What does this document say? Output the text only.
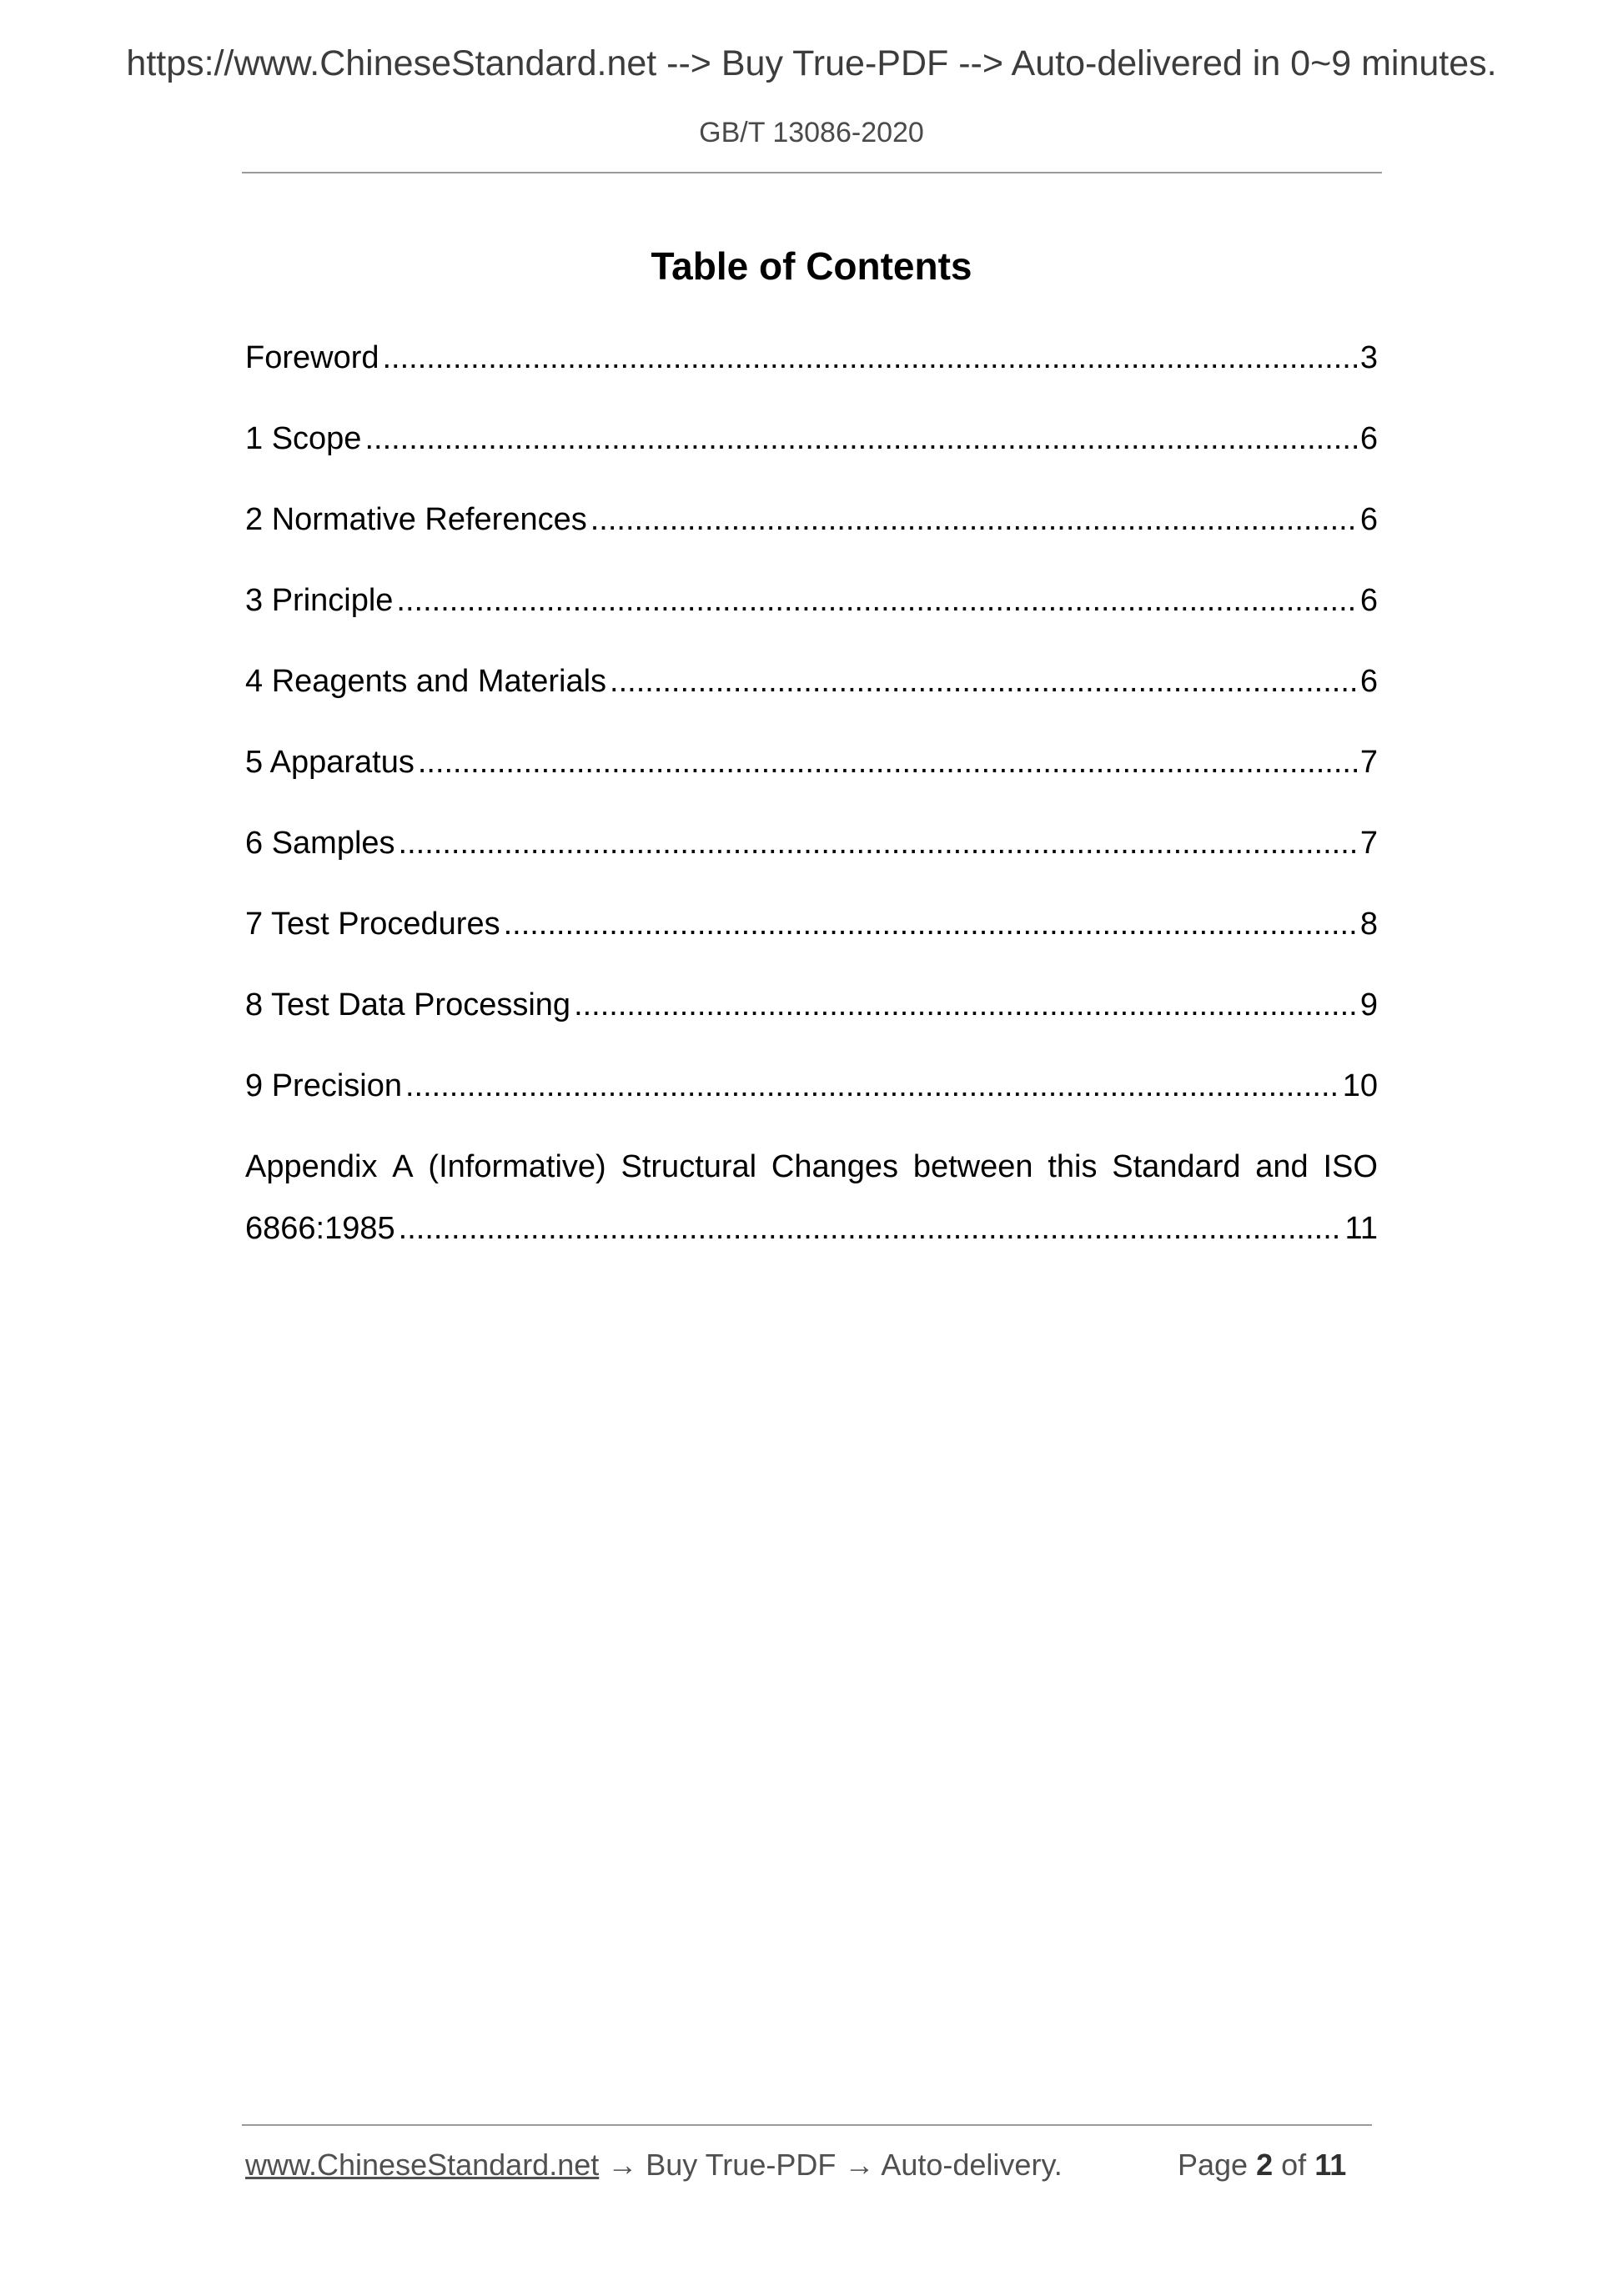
https://www.ChineseStandard.net --> Buy True-PDF --> Auto-delivered in 0~9 minutes.
GB/T 13086-2020
Table of Contents
Foreword .....	3
1 Scope .....	6
2 Normative References .....	6
3 Principle .....	6
4 Reagents and Materials .....	6
5 Apparatus .....	7
6 Samples .....	7
7 Test Procedures .....	8
8 Test Data Processing .....	9
9 Precision .....	10
Appendix A (Informative) Structural Changes between this Standard and ISO
6866:1985 .....	11
www.ChineseStandard.net → Buy True-PDF → Auto-delivery.	Page 2 of 11
